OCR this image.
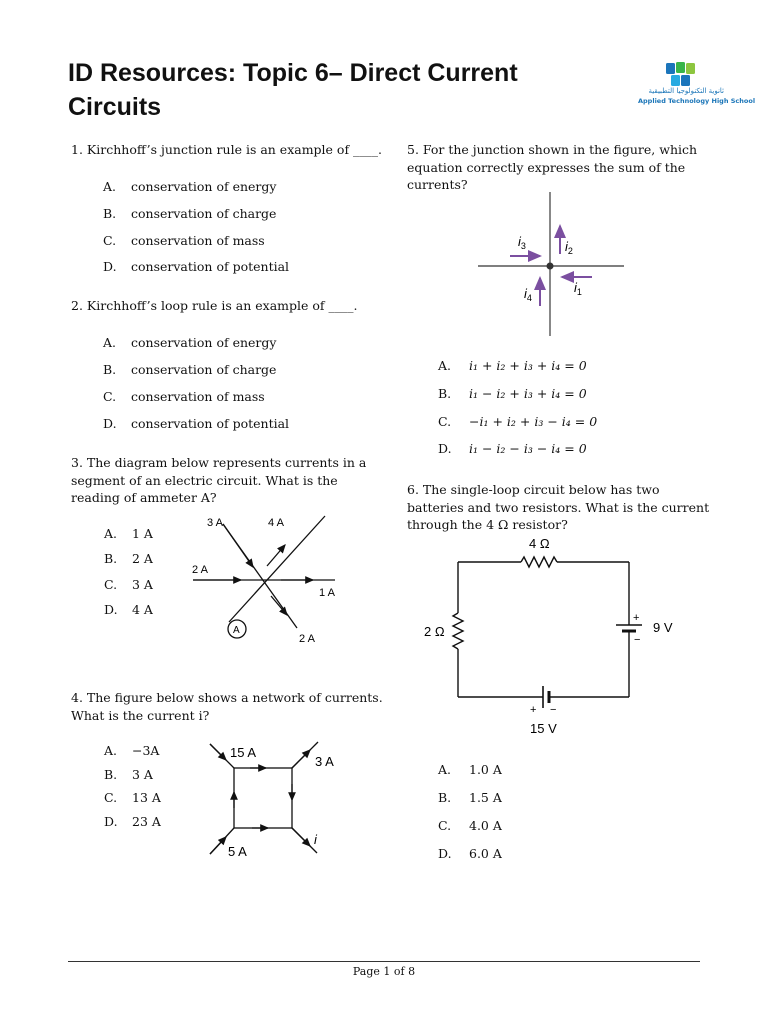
ID Resources: Topic 6– Direct Current
Circuits
ثانوية التكنولوجيا التطبيقية
Applied Technology High School
1. Kirchhoff’s junction rule is an example of ____.
A. conservation of energy
B. conservation of charge
C. conservation of mass
D. conservation of potential
2. Kirchhoff’s loop rule is an example of ____.
A. conservation of energy
B. conservation of charge
C. conservation of mass
D. conservation of potential
3. The diagram below represents currents in a
segment of an electric circuit. What is the
reading of ammeter A?
A. 1 A
B. 2 A
C. 3 A
D. 4 A
3 A	4 A
2 A
1 A
2 A
A
4. The figure below shows a network of currents.
What is the current i?
A. −3A
B. 3 A
C. 13 A
D. 23 A
15 A
3 A
5 A
i
5. For the junction shown in the figure, which
equation correctly expresses the sum of the
currents?
$i_3$	$i_2$
$i_1$
$i_4$
A. i₁ + i₂ + i₃ + i₄ = 0
B. i₁ − i₂ + i₃ + i₄ = 0
C. −i₁ + i₂ + i₃ − i₄ = 0
D. i₁ − i₂ − i₃ − i₄ = 0
6. The single-loop circuit below has two
batteries and two resistors. What is the current
through the 4 Ω resistor?
4 Ω
2 Ω	9 V
15 V
+
−
+ −
A. 1.0 A
B. 1.5 A
C. 4.0 A
D. 6.0 A
Page 1 of 8
